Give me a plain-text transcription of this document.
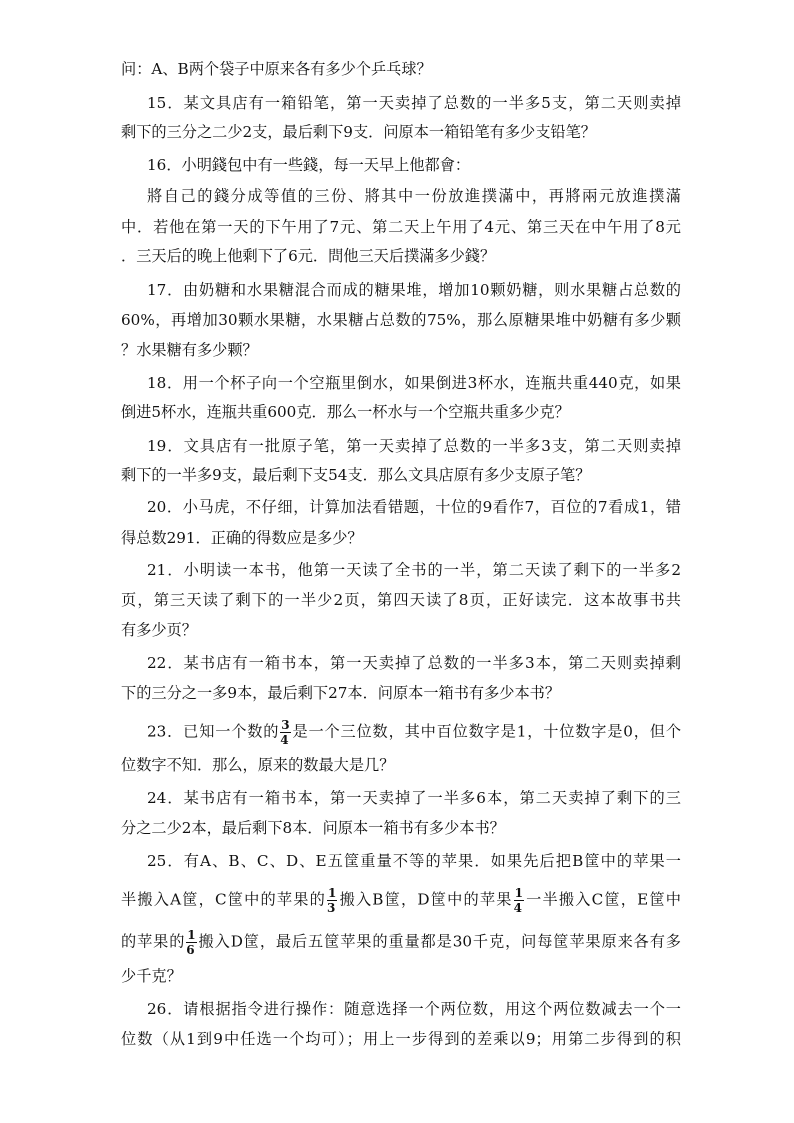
问：A、B两个袋子中原来各有多少个乒乓球？
15．某文具店有一箱铅笔，第一天卖掉了总数的一半多5支，第二天则卖掉
剩下的三分之二少2支，最后剩下9支．问原本一箱铅笔有多少支铅笔？
16．小明錢包中有一些錢，每一天早上他都會：
將自己的錢分成等值的三份、將其中一份放進撲滿中，再將兩元放進撲滿
中．若他在第一天的下午用了7元、第二天上午用了4元、第三天在中午用了8元
．三天后的晚上他剩下了6元．問他三天后撲滿多少錢？
17．由奶糖和水果糖混合而成的糖果堆，增加10颗奶糖，则水果糖占总数的
60%，再增加30颗水果糖，水果糖占总数的75%，那么原糖果堆中奶糖有多少颗
？水果糖有多少颗？
18．用一个杯子向一个空瓶里倒水，如果倒进3杯水，连瓶共重440克，如果
倒进5杯水，连瓶共重600克．那么一杯水与一个空瓶共重多少克？
19．文具店有一批原子笔，第一天卖掉了总数的一半多3支，第二天则卖掉
剩下的一半多9支，最后剩下支54支．那么文具店原有多少支原子笔？
20．小马虎，不仔细，计算加法看错题，十位的9看作7，百位的7看成1，错
得总数291．正确的得数应是多少？
21．小明读一本书，他第一天读了全书的一半，第二天读了剩下的一半多2
页，第三天读了剩下的一半少2页，第四天读了8页，正好读完．这本故事书共
有多少页？
22．某书店有一箱书本，第一天卖掉了总数的一半多3本，第二天则卖掉剩
下的三分之一多9本，最后剩下27本．问原本一箱书有多少本书？
23．已知一个数的 $\frac{3}{4}$ 是一个三位数，其中百位数字是1，十位数字是0，但个
位数字不知．那么，原来的数最大是几？
24．某书店有一箱书本，第一天卖掉了一半多6本，第二天卖掉了剩下的三
分之二少2本，最后剩下8本．问原本一箱书有多少本书？
25．有A、B、C、D、E五筐重量不等的苹果．如果先后把B筐中的苹果一
半搬入A筐，C筐中的苹果的 $\frac{1}{3}$ 搬入B筐，D筐中的苹果 $\frac{1}{4}$ 一半搬入C筐，E筐中
的苹果的 $\frac{1}{6}$ 搬入D筐，最后五筐苹果的重量都是30千克，问每筐苹果原来各有多
少千克？
26．请根据指令进行操作：随意选择一个两位数，用这个两位数减去一个一
位数（从1到9中任选一个均可）；用上一步得到的差乘以9；用第二步得到的积
